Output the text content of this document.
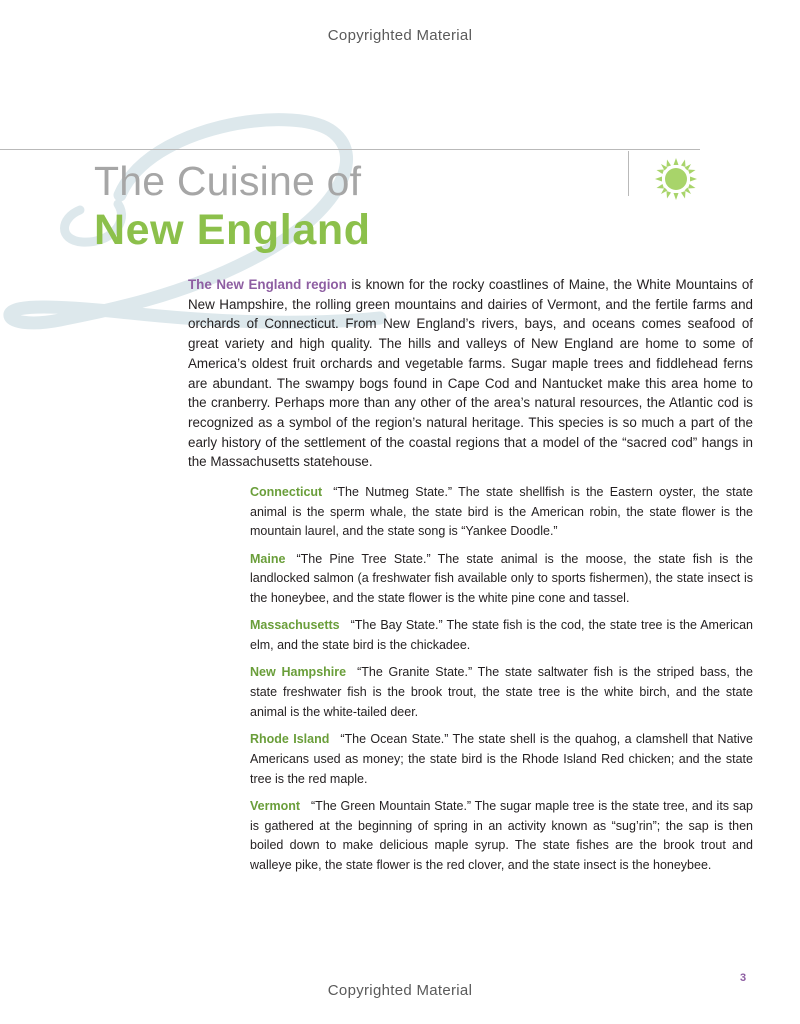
Copyrighted Material
The Cuisine of
New England

The New England region is known for the rocky coastlines of Maine, the White Mountains of New Hampshire, the rolling green mountains and dairies of Vermont, and the fertile farms and orchards of Connecticut. From New England’s rivers, bays, and oceans comes seafood of great variety and high quality. The hills and valleys of New England are home to some of America’s oldest fruit orchards and vegetable farms. Sugar maple trees and fiddlehead ferns are abundant. The swampy bogs found in Cape Cod and Nantucket make this area home to the cranberry. Perhaps more than any other of the area’s natural resources, the Atlantic cod is recognized as a symbol of the region’s natural heritage. This species is so much a part of the early history of the settlement of the coastal regions that a model of the “sacred cod” hangs in the Massachusetts statehouse.

Connecticut “The Nutmeg State.” The state shellfish is the Eastern oyster, the state animal is the sperm whale, the state bird is the American robin, the state flower is the mountain laurel, and the state song is “Yankee Doodle.”

Maine “The Pine Tree State.” The state animal is the moose, the state fish is the landlocked salmon (a freshwater fish available only to sports fishermen), the state insect is the honeybee, and the state flower is the white pine cone and tassel.

Massachusetts “The Bay State.” The state fish is the cod, the state tree is the American elm, and the state bird is the chickadee.

New Hampshire “The Granite State.” The state saltwater fish is the striped bass, the state freshwater fish is the brook trout, the state tree is the white birch, and the state animal is the white-tailed deer.

Rhode Island “The Ocean State.” The state shell is the quahog, a clamshell that Native Americans used as money; the state bird is the Rhode Island Red chicken; and the state tree is the red maple.

Vermont “The Green Mountain State.” The sugar maple tree is the state tree, and its sap is gathered at the beginning of spring in an activity known as “sug’rin”; the sap is then boiled down to make delicious maple syrup. The state fishes are the brook trout and walleye pike, the state flower is the red clover, and the state insect is the honeybee.

3
Copyrighted Material
